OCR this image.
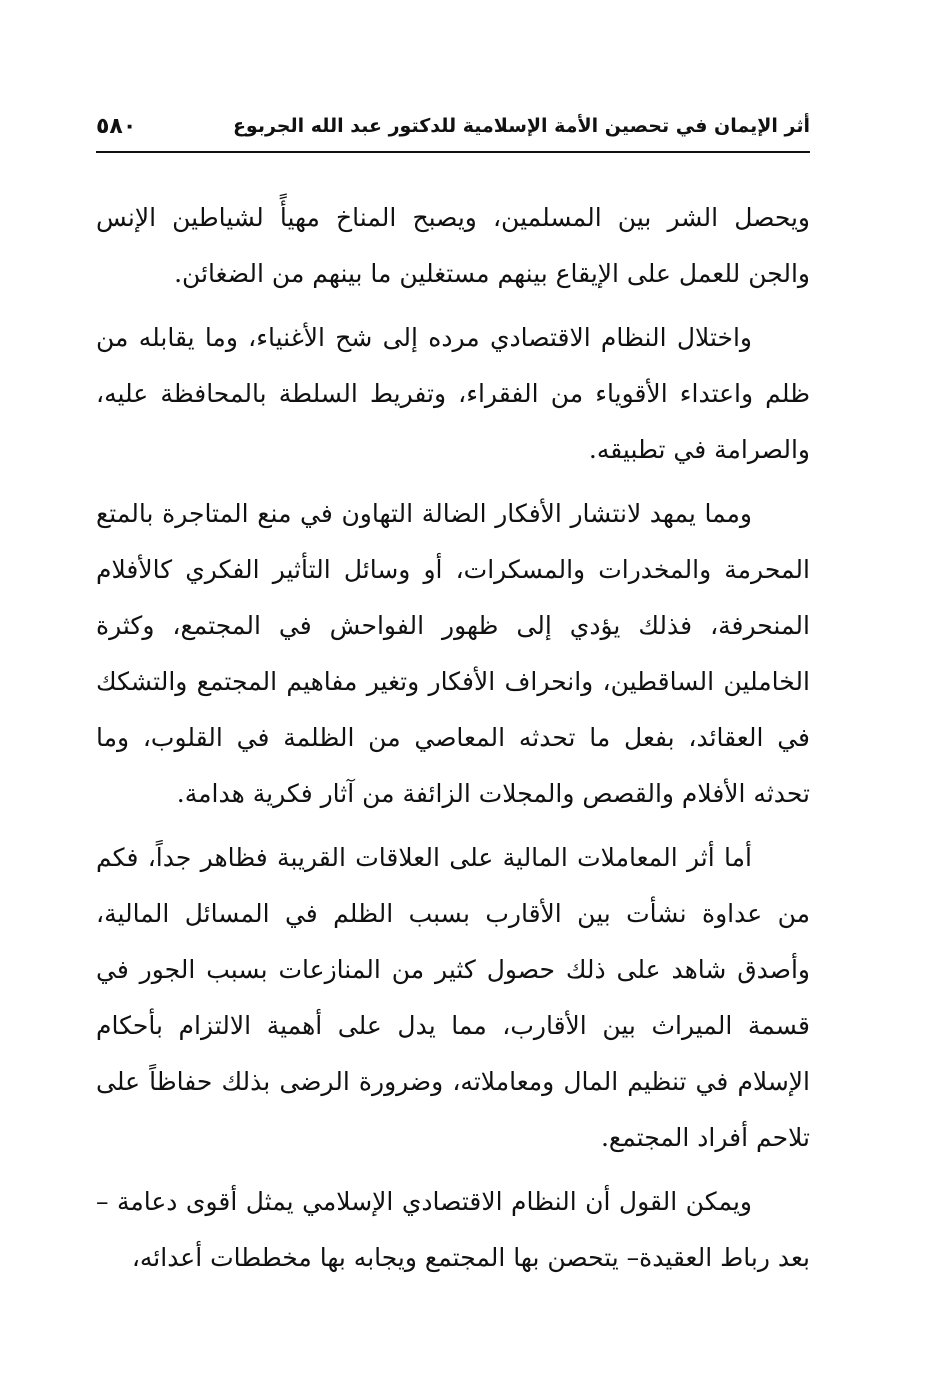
أثر الإيمان في تحصين الأمة الإسلامية للدكتور عبد الله الجربوع
٥٨٠

ويحصل الشر بين المسلمين، ويصبح المناخ مهيأً لشياطين الإنس والجن للعمل على الإيقاع بينهم مستغلين ما بينهم من الضغائن.

واختلال النظام الاقتصادي مرده إلى شح الأغنياء، وما يقابله من ظلم واعتداء الأقوياء من الفقراء، وتفريط السلطة بالمحافظة عليه، والصرامة في تطبيقه.

ومما يمهد لانتشار الأفكار الضالة التهاون في منع المتاجرة بالمتع المحرمة والمخدرات والمسكرات، أو وسائل التأثير الفكري كالأفلام المنحرفة، فذلك يؤدي إلى ظهور الفواحش في المجتمع، وكثرة الخاملين الساقطين، وانحراف الأفكار وتغير مفاهيم المجتمع والتشكك في العقائد، بفعل ما تحدثه المعاصي من الظلمة في القلوب، وما تحدثه الأفلام والقصص والمجلات الزائفة من آثار فكرية هدامة.

أما أثر المعاملات المالية على العلاقات القريبة فظاهر جداً، فكم من عداوة نشأت بين الأقارب بسبب الظلم في المسائل المالية، وأصدق شاهد على ذلك حصول كثير من المنازعات بسبب الجور في قسمة الميراث بين الأقارب، مما يدل على أهمية الالتزام بأحكام الإسلام في تنظيم المال ومعاملاته، وضرورة الرضى بذلك حفاظاً على تلاحم أفراد المجتمع.

ويمكن القول أن النظام الاقتصادي الإسلامي يمثل أقوى دعامة – بعد رباط العقيدة– يتحصن بها المجتمع ويجابه بها مخططات أعدائه،
